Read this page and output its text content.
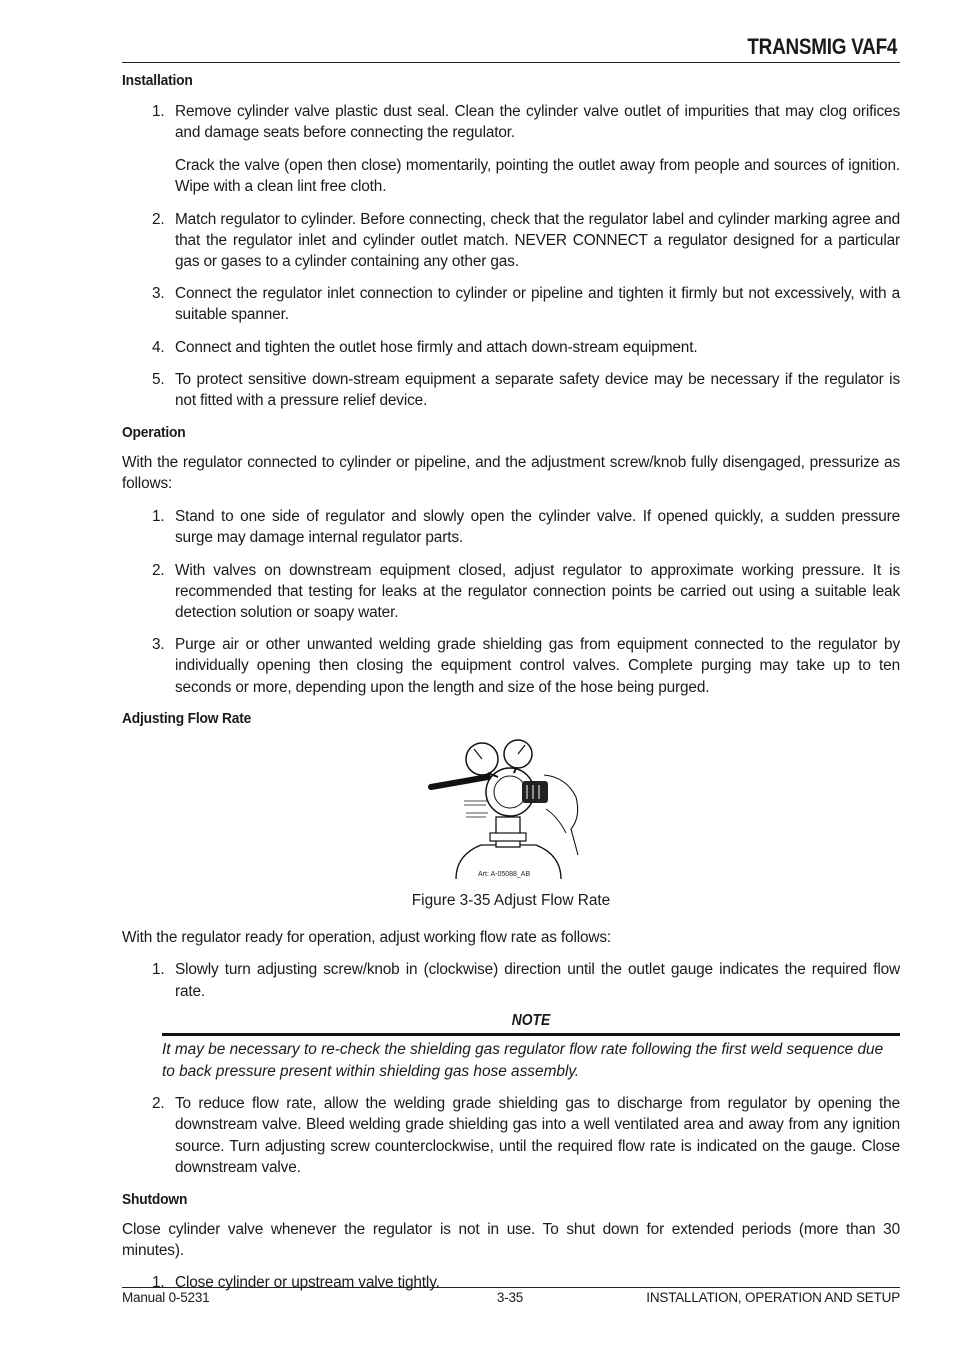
TRANSMIG VAF4
Installation
1. Remove cylinder valve plastic dust seal. Clean the cylinder valve outlet of impurities that may clog orifices and damage seats before connecting the regulator.
Crack the valve (open then close) momentarily, pointing the outlet away from people and sources of ignition. Wipe with a clean lint free cloth.
2. Match regulator to cylinder. Before connecting, check that the regulator label and cylinder marking agree and that the regulator inlet and cylinder outlet match. NEVER CONNECT a regulator designed for a particular gas or gases to a cylinder containing any other gas.
3. Connect the regulator inlet connection to cylinder or pipeline and tighten it firmly but not excessively, with a suitable spanner.
4. Connect and tighten the outlet hose firmly and attach down-stream equipment.
5. To protect sensitive down-stream equipment a separate safety device may be necessary if the regulator is not fitted with a pressure relief device.
Operation
With the regulator connected to cylinder or pipeline, and the adjustment screw/knob fully disengaged, pressurize as follows:
1. Stand to one side of regulator and slowly open the cylinder valve. If opened quickly, a sudden pressure surge may damage internal regulator parts.
2. With valves on downstream equipment closed, adjust regulator to approximate working pressure. It is recommended that testing for leaks at the regulator connection points be carried out using a suitable leak detection solution or soapy water.
3. Purge air or other unwanted welding grade shielding gas from equipment connected to the regulator by individually opening then closing the equipment control valves. Complete purging may take up to ten seconds or more, depending upon the length and size of the hose being purged.
Adjusting Flow Rate
Art: A-05088_AB
Figure 3-35 Adjust Flow Rate
With the regulator ready for operation, adjust working flow rate as follows:
1. Slowly turn adjusting screw/knob in (clockwise) direction until the outlet gauge indicates the required flow rate.
NOTE
It may be necessary to re-check the shielding gas regulator flow rate following the first weld sequence due to back pressure present within shielding gas hose assembly.
2. To reduce flow rate, allow the welding grade shielding gas to discharge from regulator by opening the downstream valve. Bleed welding grade shielding gas into a well ventilated area and away from any ignition source. Turn adjusting screw counterclockwise, until the required flow rate is indicated on the gauge. Close downstream valve.
Shutdown
Close cylinder valve whenever the regulator is not in use. To shut down for extended periods (more than 30 minutes).
1. Close cylinder or upstream valve tightly.
Manual 0-5231	3-35	INSTALLATION, OPERATION AND SETUP
